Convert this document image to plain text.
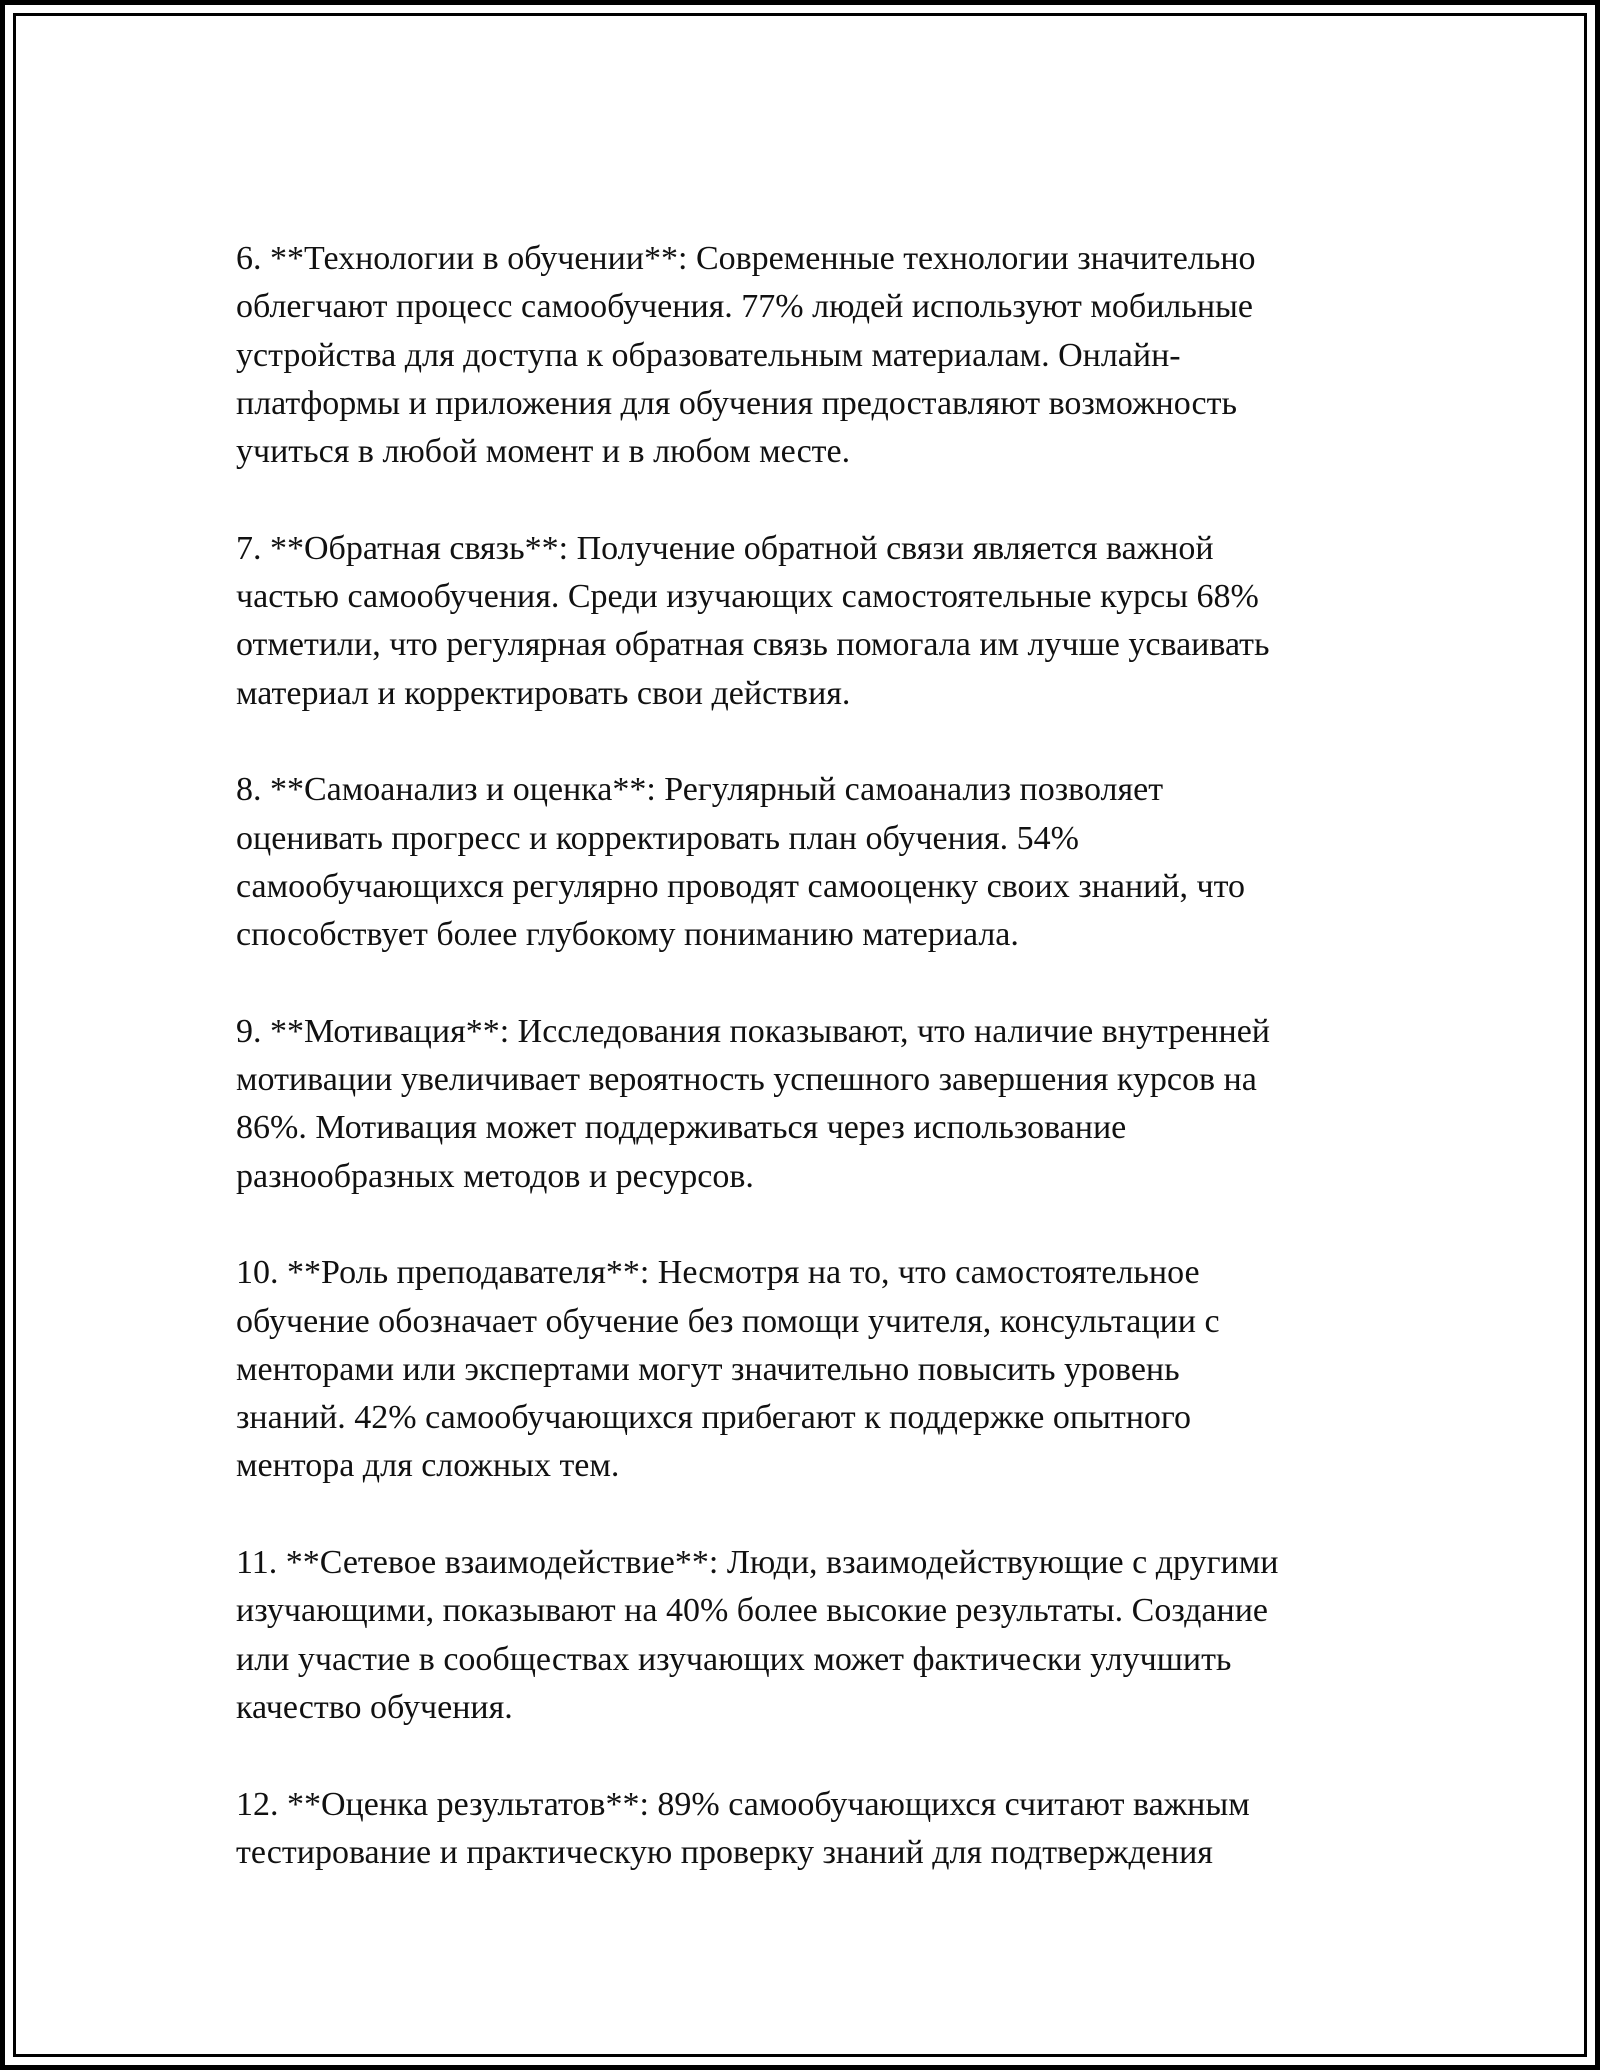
6. **Технологии в обучении**: Современные технологии значительно
облегчают процесс самообучения. 77% людей используют мобильные
устройства для доступа к образовательным материалам. Онлайн-
платформы и приложения для обучения предоставляют возможность
учиться в любой момент и в любом месте.

7. **Обратная связь**: Получение обратной связи является важной
частью самообучения. Среди изучающих самостоятельные курсы 68%
отметили, что регулярная обратная связь помогала им лучше усваивать
материал и корректировать свои действия.

8. **Самоанализ и оценка**: Регулярный самоанализ позволяет
оценивать прогресс и корректировать план обучения. 54%
самообучающихся регулярно проводят самооценку своих знаний, что
способствует более глубокому пониманию материала.

9. **Мотивация**: Исследования показывают, что наличие внутренней
мотивации увеличивает вероятность успешного завершения курсов на
86%. Мотивация может поддерживаться через использование
разнообразных методов и ресурсов.

10. **Роль преподавателя**: Несмотря на то, что самостоятельное
обучение обозначает обучение без помощи учителя, консультации с
менторами или экспертами могут значительно повысить уровень
знаний. 42% самообучающихся прибегают к поддержке опытного
ментора для сложных тем.

11. **Сетевое взаимодействие**: Люди, взаимодействующие с другими
изучающими, показывают на 40% более высокие результаты. Создание
или участие в сообществах изучающих может фактически улучшить
качество обучения.

12. **Оценка результатов**: 89% самообучающихся считают важным
тестирование и практическую проверку знаний для подтверждения
